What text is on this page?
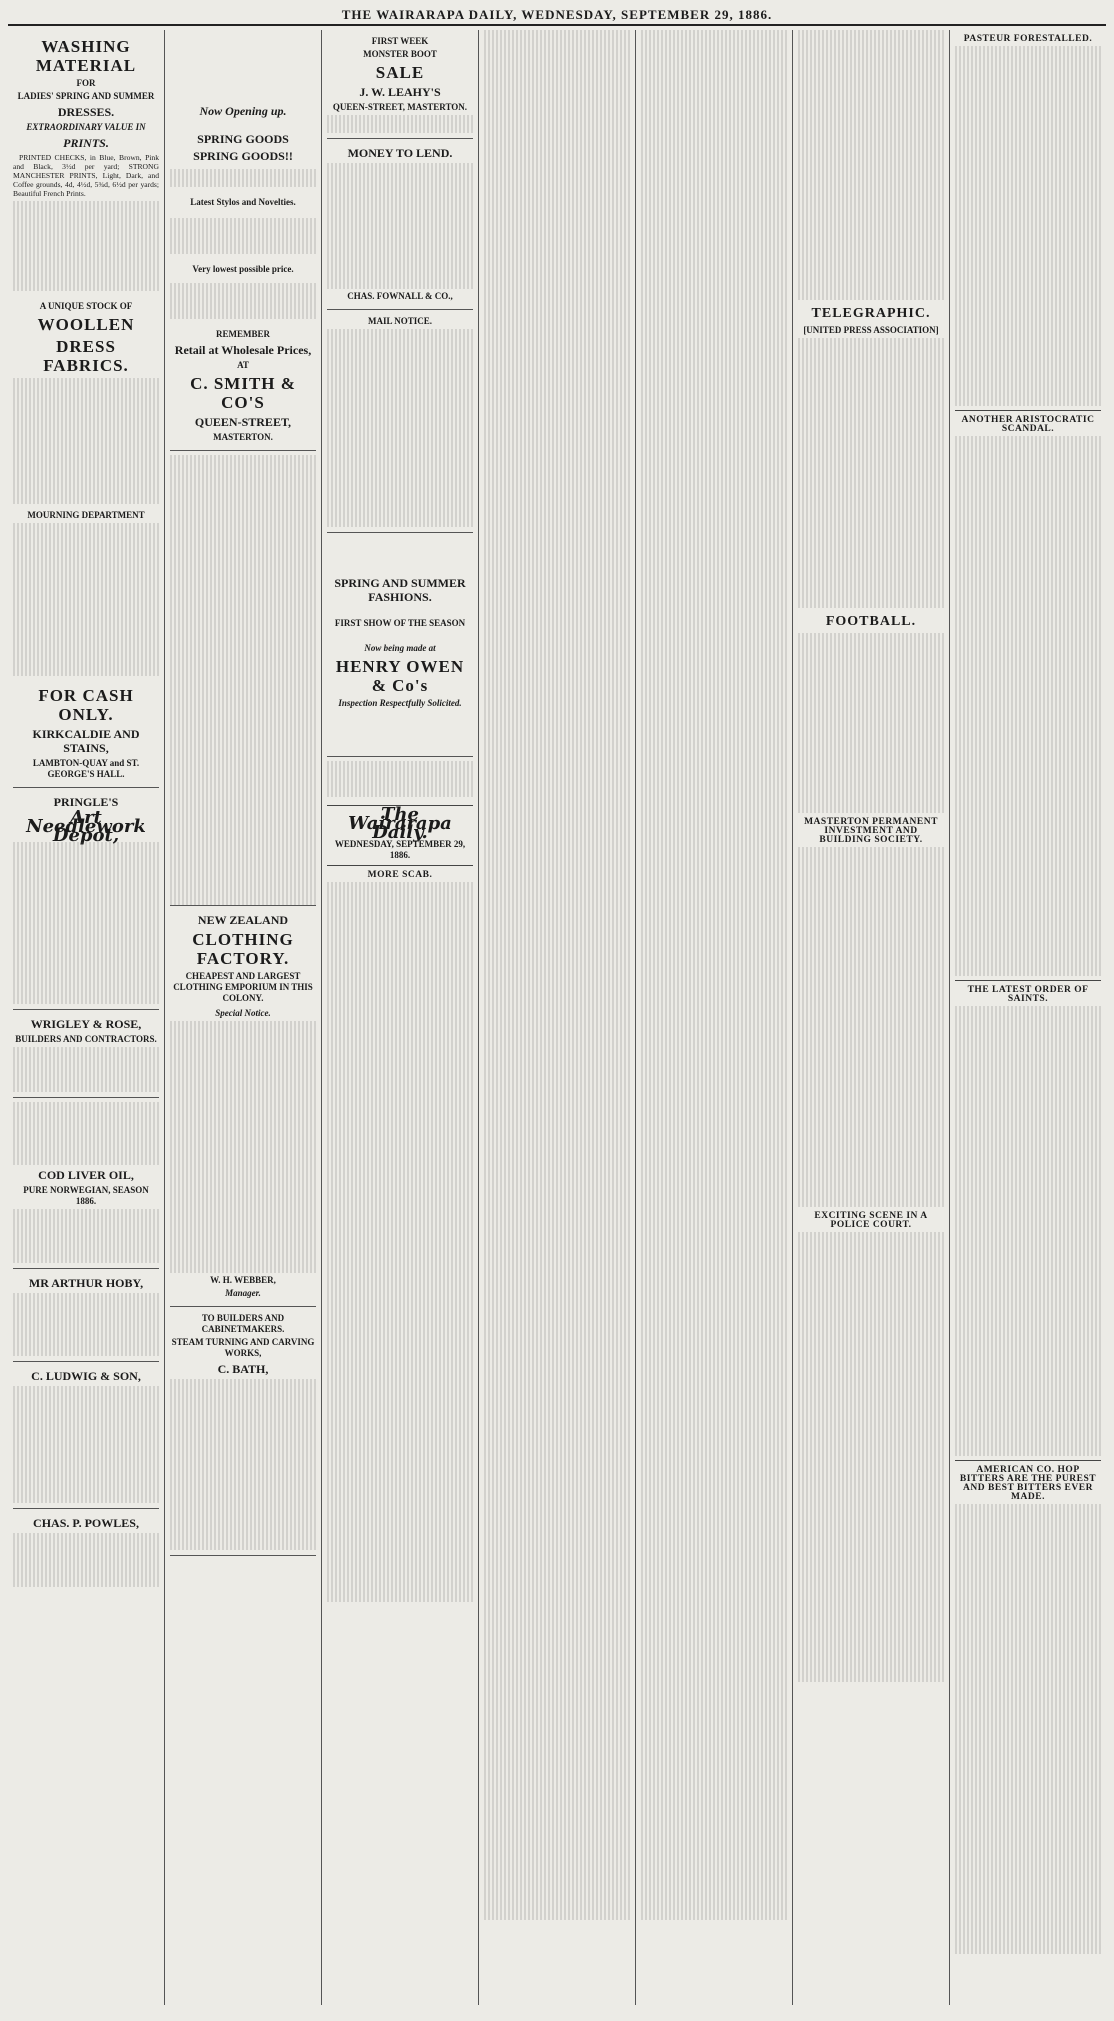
THE WAIRARAPA DAILY, WEDNESDAY, SEPTEMBER 29, 1886.
WASHING MATERIAL
FOR
LADIES' SPRING AND SUMMER
DRESSES.
EXTRAORDINARY VALUE IN
PRINTS.

PRINTED CHECKS, in Blue, Brown, Pink and Black, 3½d per yard; STRONG MANCHESTER PRINTS, Light, Dark, and Coffee grounds, 4d, 4½d, 5¾d, 6½d per yards; Beautiful French Prints.

A UNIQUE STOCK OF
WOOLLEN
DRESS FABRICS.
MOURNING DEPARTMENT
FOR CASH ONLY.
KIRKCALDIE AND STAINS,
LAMBTON-QUAY and ST. GEORGE'S HALL.
PRINGLE'S
Art Needlework Depot,
WRIGLEY & ROSE,
BUILDERS AND CONTRACTORS.
COD LIVER OIL,
PURE NORWEGIAN, SEASON 1886.
MR ARTHUR HOBY,
C. LUDWIG & SON,
CHAS. P. POWLES,
Now Opening up.
SPRING GOODS
SPRING GOODS!!
Latest Stylos and Novelties.
Very lowest possible price.
REMEMBER
Retail at Wholesale Prices,
AT
C. SMITH & CO'S
QUEEN-STREET,
MASTERTON.
NEW ZEALAND
CLOTHING FACTORY.
CHEAPEST AND LARGEST CLOTHING EMPORIUM IN THIS COLONY.
Special Notice.
W. H. WEBBER,
Manager.
TO BUILDERS AND CABINETMAKERS.
STEAM TURNING AND CARVING WORKS,
C. BATH,
FIRST WEEK
MONSTER BOOT
SALE
J. W. LEAHY'S
QUEEN-STREET, MASTERTON.
MONEY TO LEND.
CHAS. FOWNALL & CO.,
MAIL NOTICE.
SPRING AND SUMMER FASHIONS.
FIRST SHOW OF THE SEASON
Now being made at
HENRY OWEN & Co's
Inspection Respectfully Solicited.
The Wairarapa Daily.
WEDNESDAY, SEPTEMBER 29, 1886.
MORE SCAB.
TELEGRAPHIC.
[UNITED PRESS ASSOCIATION]
FOOTBALL.
MASTERTON PERMANENT INVESTMENT AND BUILDING SOCIETY.
EXCITING SCENE IN A POLICE COURT.
PASTEUR FORESTALLED.
ANOTHER ARISTOCRATIC SCANDAL.
THE LATEST ORDER OF SAINTS.
AMERICAN CO. HOP BITTERS ARE THE PUREST AND BEST BITTERS EVER MADE.
